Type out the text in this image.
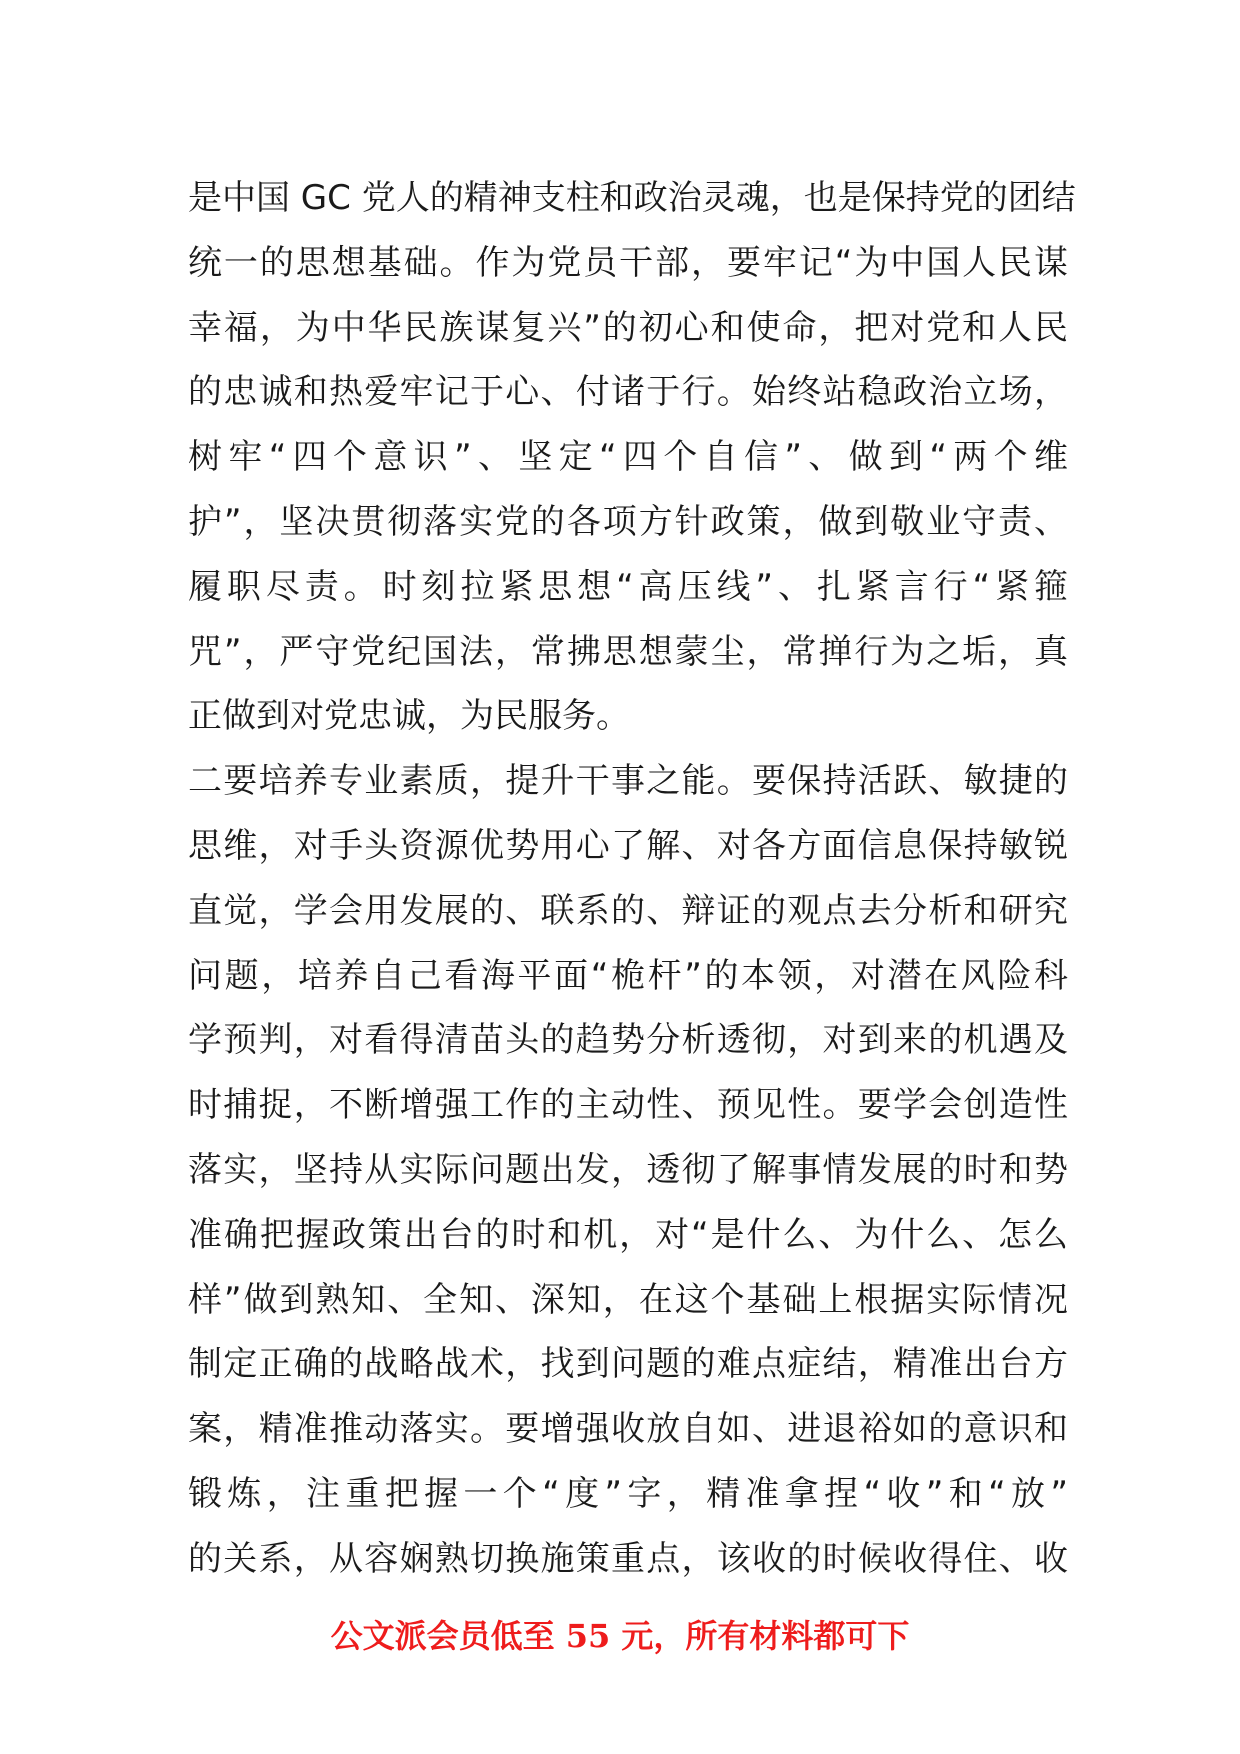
是中国 GC 党人的精神支柱和政治灵魂，也是保持党的团结
统一的思想基础。作为党员干部，要牢记“为中国人民谋
幸福，为中华民族谋复兴”的初心和使命，把对党和人民
的忠诚和热爱牢记于心、付诸于行。始终站稳政治立场，
树牢“四个意识”、坚定“四个自信”、做到“两个维
护”，坚决贯彻落实党的各项方针政策，做到敬业守责、
履职尽责。时刻拉紧思想“高压线”、扎紧言行“紧箍
咒”，严守党纪国法，常拂思想蒙尘，常掸行为之垢，真
正做到对党忠诚，为民服务。
二要培养专业素质，提升干事之能。要保持活跃、敏捷的
思维，对手头资源优势用心了解、对各方面信息保持敏锐
直觉，学会用发展的、联系的、辩证的观点去分析和研究
问题，培养自己看海平面“桅杆”的本领，对潜在风险科
学预判，对看得清苗头的趋势分析透彻，对到来的机遇及
时捕捉，不断增强工作的主动性、预见性。要学会创造性
落实，坚持从实际问题出发，透彻了解事情发展的时和势
准确把握政策出台的时和机，对“是什么、为什么、怎么
样”做到熟知、全知、深知，在这个基础上根据实际情况
制定正确的战略战术，找到问题的难点症结，精准出台方
案，精准推动落实。要增强收放自如、进退裕如的意识和
锻炼，注重把握一个“度”字，精准拿捏“收”和“放”
的关系，从容娴熟切换施策重点，该收的时候收得住、收
公文派会员低至 55 元，所有材料都可下
